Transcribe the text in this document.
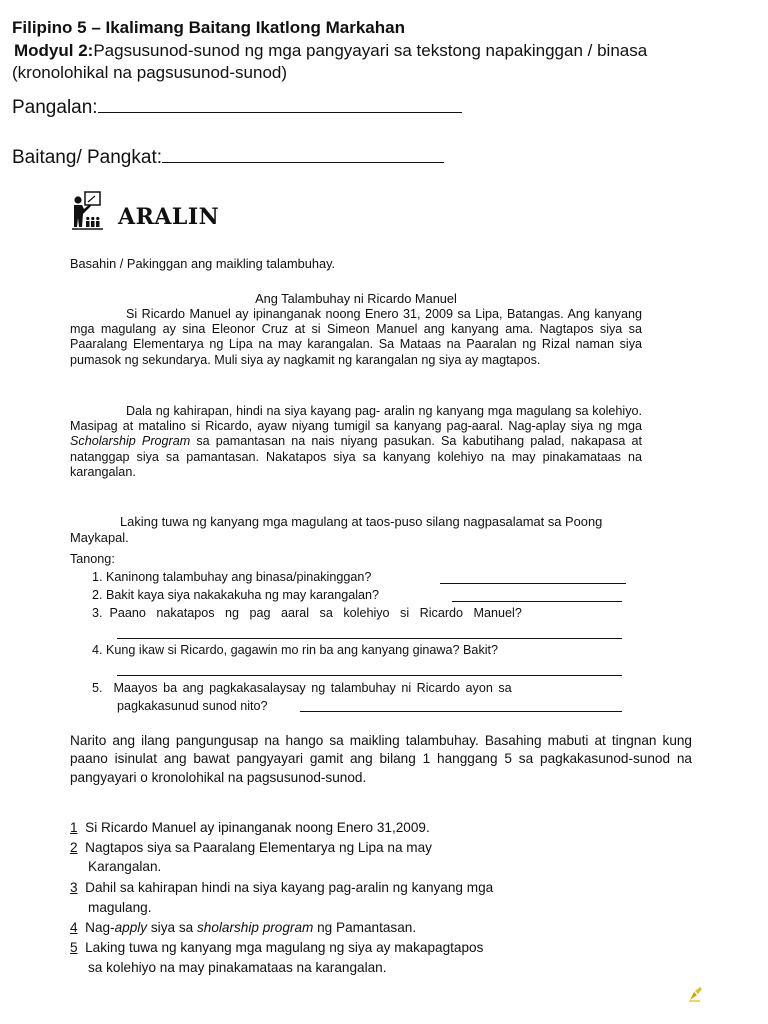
Filipino 5 – Ikalimang Baitang Ikatlong Markahan
Modyul 2:Pagsusunod-sunod ng mga pangyayari sa tekstong napakinggan / binasa
(kronolohikal na pagsusunod-sunod)
Pangalan:
Baitang/ Pangkat:
ARALIN
Basahin / Pakinggan ang maikling talambuhay.
Ang Talambuhay ni Ricardo Manuel
Si Ricardo Manuel ay ipinanganak noong Enero 31, 2009 sa Lipa, Batangas. Ang kanyang mga magulang ay sina Eleonor Cruz at si Simeon Manuel ang kanyang ama. Nagtapos siya sa Paaralang Elementarya ng Lipa na may karangalan. Sa Mataas na Paaralan ng Rizal naman siya pumasok ng sekundarya. Muli siya ay nagkamit ng karangalan ng siya ay magtapos.
Dala ng kahirapan, hindi na siya kayang pag- aralin ng kanyang mga magulang sa kolehiyo. Masipag at matalino si Ricardo, ayaw niyang tumigil sa kanyang pag-aaral. Nag-aplay siya ng mga Scholarship Program sa pamantasan na nais niyang pasukan. Sa kabutihang palad, nakapasa at natanggap siya sa pamantasan. Nakatapos siya sa kanyang kolehiyo na may pinakamataas na karangalan.
Laking tuwa ng kanyang mga magulang at taos-puso silang nagpasalamat sa Poong Maykapal.
Tanong:
1. Kaninong talambuhay ang binasa/pinakinggan?
2. Bakit kaya siya nakakakuha ng may karangalan?
3.  Paano   nakatapos   ng   pag   aaral   sa   kolehiyo   si   Ricardo   Manuel?
4. Kung ikaw si Ricardo, gagawin mo rin ba ang kanyang ginawa? Bakit?
5.  Maayos ba ang pagkakasalaysay ng talambuhay ni Ricardo ayon sa
pagkakasunud sunod nito?
Narito ang ilang pangungusap na hango sa maikling talambuhay. Basahing mabuti at tingnan kung paano isinulat ang bawat pangyayari gamit ang bilang 1 hanggang 5 sa pagkakasunod-sunod na pangyayari o kronolohikal na pagsusunod-sunod.
1 Si Ricardo Manuel ay ipinanganak noong Enero 31,2009.
2 Nagtapos siya sa Paaralang Elementarya ng Lipa na may
Karangalan.
3 Dahil sa kahirapan hindi na siya kayang pag-aralin ng kanyang mga
magulang.
4 Nag-apply siya sa sholarship program ng Pamantasan.
5 Laking tuwa ng kanyang mga magulang ng siya ay makapagtapos
sa kolehiyo na may pinakamataas na karangalan.
